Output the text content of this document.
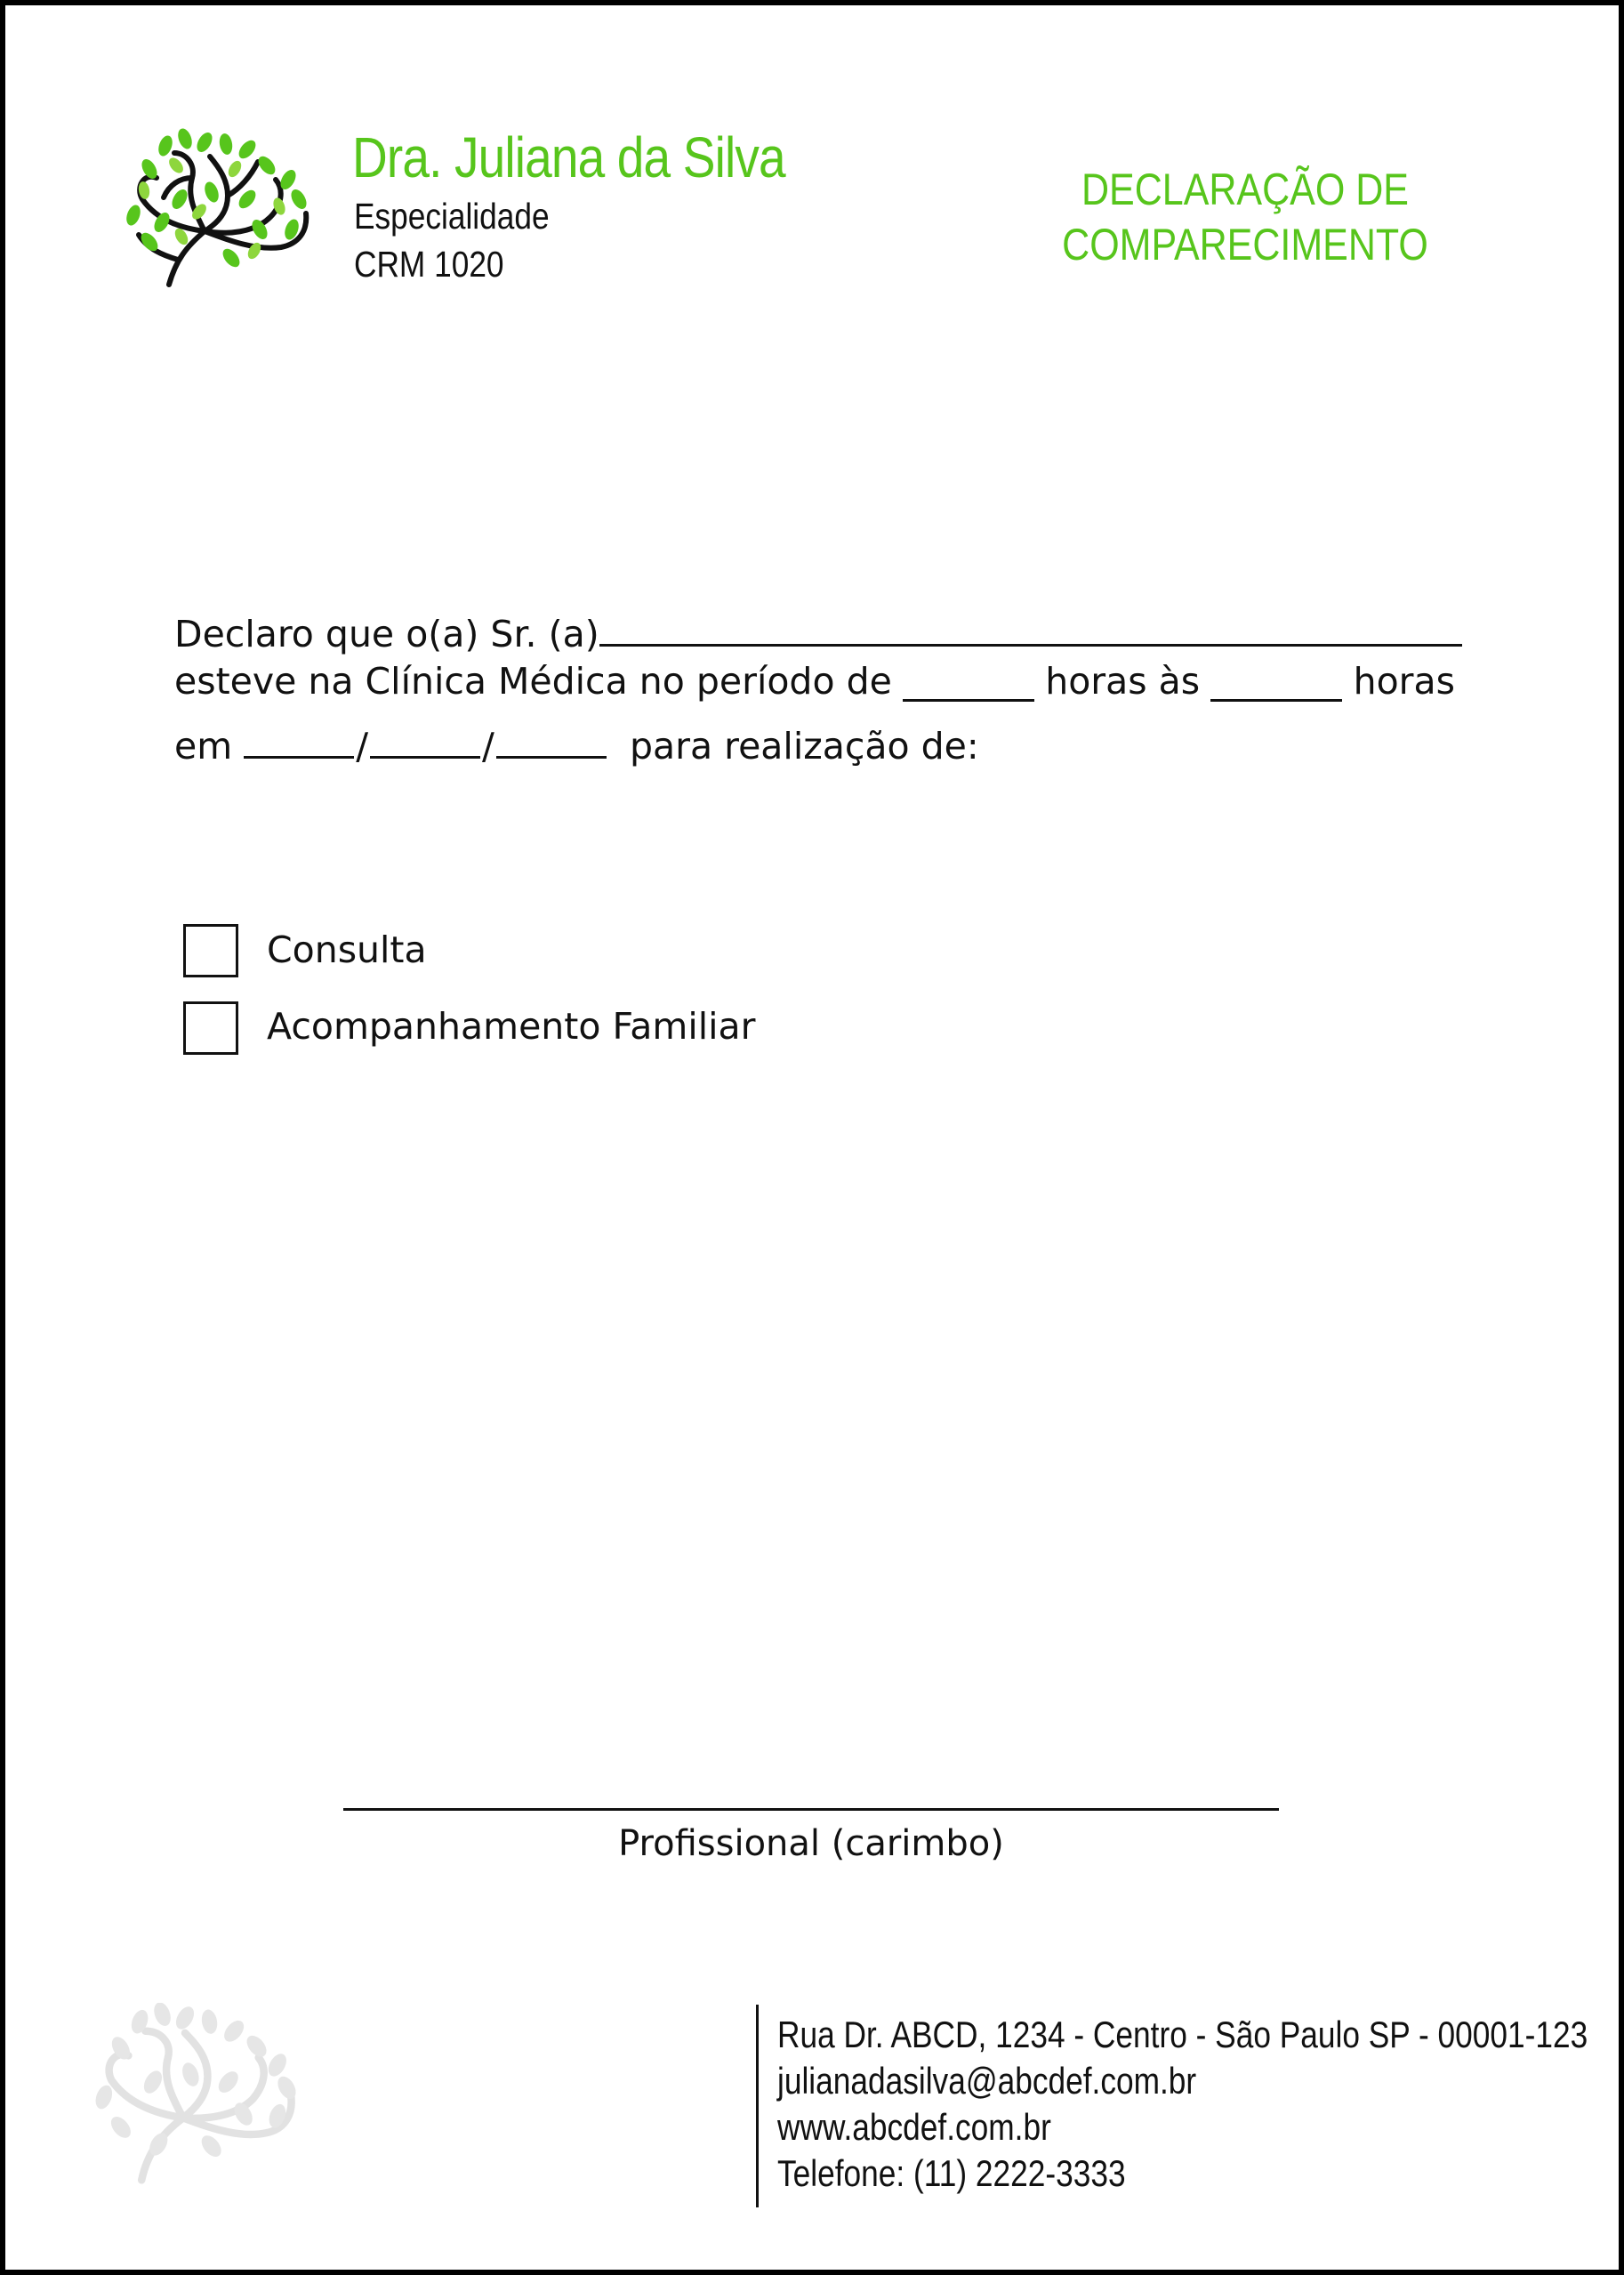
Dra. Juliana da Silva
Especialidade
CRM 1020
DECLARAÇÃO DE
COMPARECIMENTO
Declaro que o(a) Sr. (a)
esteve na Clínica Médica no período de	horas às	horas
em	/	/	para realização de:
Consulta
Acompanhamento Familiar
Profissional (carimbo)
Rua Dr. ABCD, 1234 - Centro - São Paulo SP - 00001-123
julianadasilva@abcdef.com.br
www.abcdef.com.br
Telefone: (11) 2222-3333
